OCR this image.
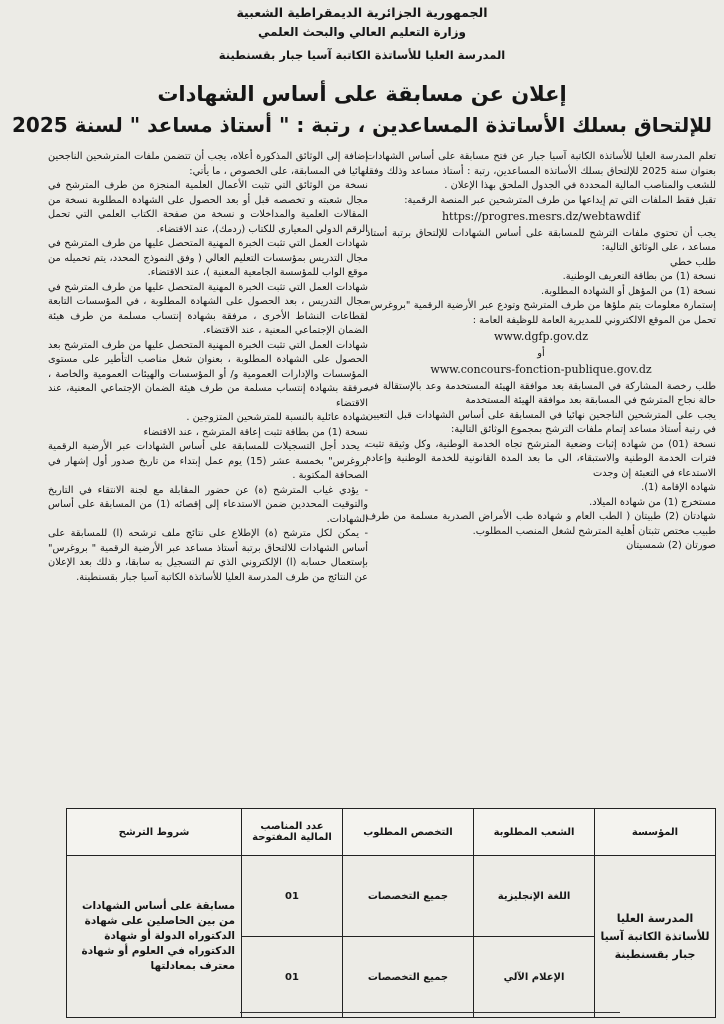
الجمهورية الجزائرية الديمقراطية الشعبية
وزارة التعليم العالي والبحث العلمي
المدرسة العليا للأساتذة الكاتبة آسيا جبار بقسنطينة
إعلان عن مسابقة على أساس الشهادات
للإلتحاق بسلك الأساتذة المساعدين ، رتبة : " أستاذ مساعد " لسنة 2025

تعلم المدرسة العليا للأساتذة الكاتبة آسيا جبار عن فتح مسابقة على أساس الشهادات بعنوان سنة 2025 للإلتحاق بسلك الأساتذة المساعدين، رتبة : أستاذ مساعد وذلك وفقا للشعب والمناصب المالية المحددة في الجدول الملحق بهذا الإعلان .

تقبل فقط الملفات التي تم إيداعها من طرف المترشحين عبر المنصة الرقمية:

https://progres.mesrs.dz/webtawdif

يجب أن تحتوي ملفات الترشح للمسابقة على أساس الشهادات للإلتحاق برتبة أستاذ مساعد ، على الوثائق التالية:

طلب خطي

نسخة (1) من بطاقة التعريف الوطنية.

نسخة (1) من المؤهل أو الشهادة المطلوبة.

إستمارة معلومات يتم ملؤها من طرف المترشح وتودع عبر الأرضية الرقمية "بروغرس" تحمل من الموقع الالكتروني للمديرية العامة للوظيفة العامة :

www.dgfp.gov.dz

أو

www.concours-fonction-publique.gov.dz

طلب رخصة المشاركة في المسابقة بعد موافقة الهيئة المستخدمة وعد بالإستقالة في حالة نجاح المترشح في المسابقة بعد موافقة الهيئة المستخدمة

يجب على المترشحين الناجحين نهائيا في المسابقة على أساس الشهادات قبل التعيين في رتبة أستاذ مساعد إتمام ملفات الترشح بمجموع الوثائق التالية:

نسخة (01) من شهادة إثبات وضعية المترشح تجاه الخدمة الوطنية، وكل وثيقة تثبت فترات الخدمة الوطنية والاستبقاء، الى ما بعد المدة القانونية للخدمة الوطنية وإعادة الاستدعاء في التعبئة إن وجدت

شهادة الإقامة (1).

مستخرج (1) من شهادة الميلاد.

شهادتان (2) طبيتان ( الطب العام و شهادة طب الأمراض الصدرية مسلمة من طرف طبيب مختص تثبتان أهلية المترشح لشغل المنصب المطلوب.

صورتان (2) شمسيتان

إضافة إلى الوثائق المذكورة أعلاه، يجب أن تتضمن ملفات المترشحين الناجحين نهائيا في المسابقة، على الخصوص ، ما يأتي:

نسخة من الوثائق التي تثبت الأعمال العلمية المنجزة من طرف المترشح في مجال شعبته و تخصصه قبل أو بعد الحصول على الشهادة المطلوبة نسخة من المقالات العلمية والمداخلات و نسخة من صفحة الكتاب العلمي التي تحمل الرقم الدولي المعياري للكتاب (ردمك)، عند الاقتضاء.

شهادات العمل التي تثبت الخبرة المهنية المتحصل عليها من طرف المترشح في مجال التدريس بمؤسسات التعليم العالي ( وفق النموذج المحدد، يتم تحميله من موقع الواب للمؤسسة الجامعية المعنية )، عند الاقتضاء.

شهادات العمل التي تثبت الخبرة المهنية المتحصل عليها من طرف المترشح في مجال التدريس ، بعد الحصول على الشهادة المطلوبة ، في المؤسسات التابعة لقطاعات النشاط الأخرى ، مرفقة بشهادة إنتساب مسلمة من طرف هيئة الضمان الإجتماعي المعنية ، عند الاقتضاء.

شهادات العمل التي تثبت الخبرة المهنية المتحصل عليها من طرف المترشح بعد الحصول على الشهادة المطلوبة ، بعنوان شغل مناصب التأطير على مستوى المؤسسات والإدارات العمومية و/ أو المؤسسات والهيئات العمومية والخاصة ، مرفقة بشهادة إنتساب مسلمة من طرف هيئة الضمان الإجتماعي المعنية، عند الاقتضاء

شهادة عائلية بالنسبة للمترشحين المتزوجين .

نسخة (1) من بطاقة تثبت إعاقة المترشح ، عند الاقتضاء

- يحدد أجل التسجيلات للمسابقة على أساس الشهادات عبر الأرضية الرقمية بروغرس" بخمسة عشر (15) يوم عمل إبتداء من تاريخ صدور أول إشهار في الصحافة المكتوبة .

- يؤدي غياب المترشح (ة) عن حضور المقابلة مع لجنة الانتقاء في التاريخ والتوقيت المحددين ضمن الاستدعاء إلى إقصائه (1) من المسابقة على أساس الشهادات.

- يمكن لكل مترشح (ة) الإطلاع على نتائج ملف ترشحه (ا) للمسابقة على أساس الشهادات للالتحاق برتبة أستاذ مساعد عبر الأرضية الرقمية " بروغرس" بإستعمال حسابه (ا) الإلكتروني الذي تم التسجيل به سابقا، و ذلك بعد الإعلان عن النتائج من طرف المدرسة العليا للأساتذة الكاتبة آسيا جبار بقسنطينة.

المؤسسة	الشعب المطلوبة	التخصص المطلوب	عدد المناصب المالية المفتوحة	شروط الترشح
المدرسة العليا للأساتذة الكاتبة آسيا جبار بقسنطينة	اللغة الإنجليزية	جميع التخصصات	01	مسابقة على أساس الشهادات من بين الحاصلين على شهادة الدكتوراه الدولة أو شهادة الدكتوراه في العلوم أو شهادة معترف بمعادلتها
	الإعلام الآلي	جميع التخصصات	01	
